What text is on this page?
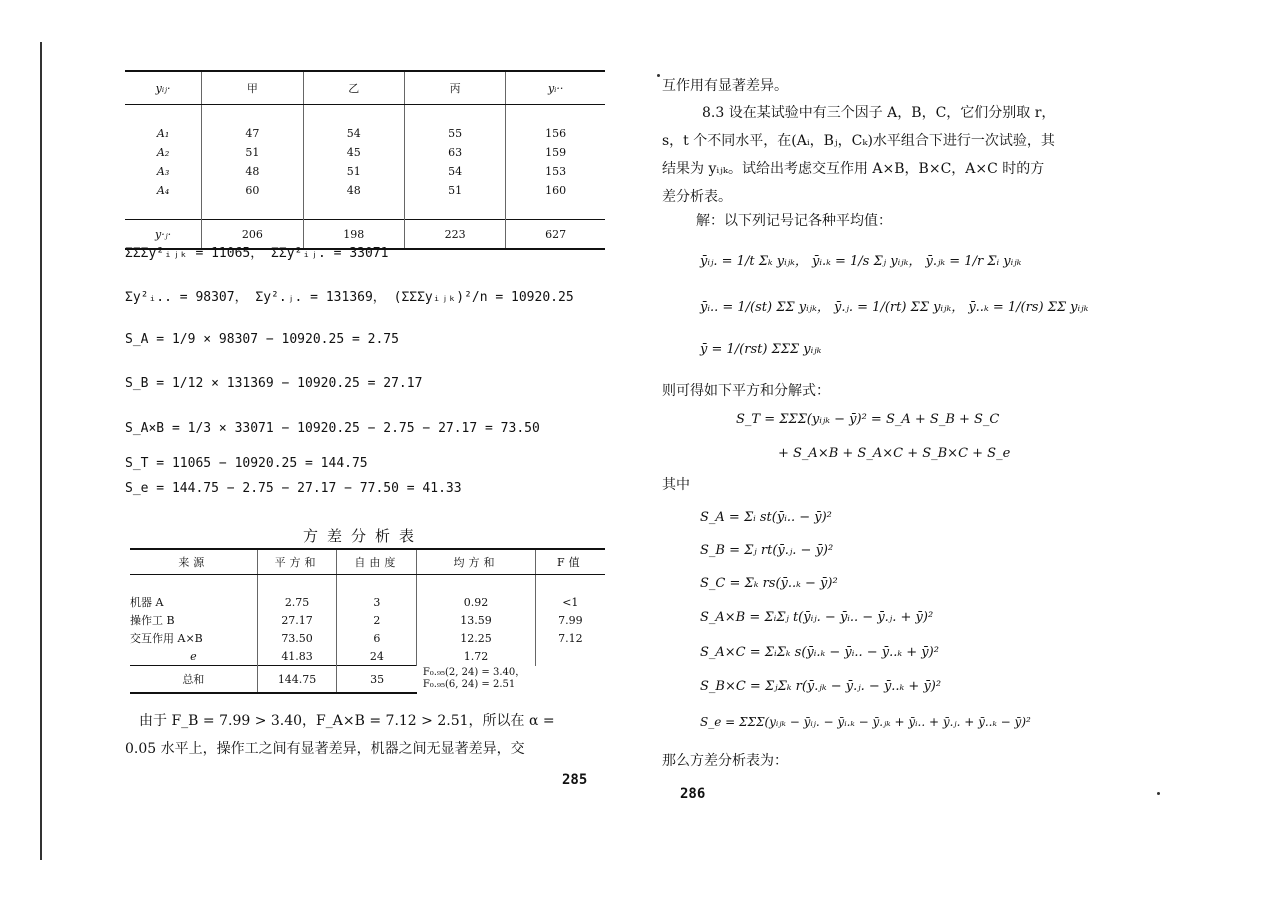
yᵢⱼ·	甲	乙	丙	yᵢ··

A₁	47	54	55	156
A₂	51	45	63	159
A₃	48	51	54	153
A₄	60	48	51	160

y·ⱼ·	206	198	223	627
ΣΣΣy²ᵢⱼₖ = 11065， ΣΣy²ᵢⱼ. = 33071
Σy²ᵢ.. = 98307， Σy².ⱼ. = 131369， (ΣΣΣyᵢⱼₖ)²/n = 10920.25
S_A = 1/9 × 98307 − 10920.25 = 2.75
S_B = 1/12 × 131369 − 10920.25 = 27.17
S_A×B = 1/3 × 33071 − 10920.25 − 2.75 − 27.17 = 73.50
S_T = 11065 − 10920.25 = 144.75
S_e = 144.75 − 2.75 − 27.17 − 77.50 = 41.33
方差分析表
来源	平方和	自由度	均方和	F值

机器 A	2.75	3	0.92	<1
操作工 B	27.17	2	13.59	7.99
交互作用 A×B	73.50	6	12.25	7.12
e	41.83	24	1.72	
总和	144.75	35	F₀.₉₅(2, 24) = 3.40，
F₀.₉₅(6, 24) = 2.51	
由于 F_B = 7.99 > 3.40，F_A×B = 7.12 > 2.51，所以在 α =
0.05 水平上，操作工之间有显著差异，机器之间无显著差异，交
285
互作用有显著差异。
8.3 设在某试验中有三个因子 A，B，C，它们分别取 r，
s，t 个不同水平，在(Aᵢ，Bⱼ，Cₖ)水平组合下进行一次试验，其
结果为 yᵢⱼₖ。试给出考虑交互作用 A×B，B×C，A×C 时的方
差分析表。
解：以下列记号记各种平均值：
ȳᵢⱼ. = 1/t Σₖ yᵢⱼₖ， ȳᵢ.ₖ = 1/s Σⱼ yᵢⱼₖ， ȳ.ⱼₖ = 1/r Σᵢ yᵢⱼₖ
ȳᵢ.. = 1/(st) ΣΣ yᵢⱼₖ， ȳ.ⱼ. = 1/(rt) ΣΣ yᵢⱼₖ， ȳ..ₖ = 1/(rs) ΣΣ yᵢⱼₖ
ȳ = 1/(rst) ΣΣΣ yᵢⱼₖ
则可得如下平方和分解式：
S_T = ΣΣΣ(yᵢⱼₖ − ȳ)² = S_A + S_B + S_C
+ S_A×B + S_A×C + S_B×C + S_e
其中
S_A = Σᵢ st(ȳᵢ.. − ȳ)²
S_B = Σⱼ rt(ȳ.ⱼ. − ȳ)²
S_C = Σₖ rs(ȳ..ₖ − ȳ)²
S_A×B = ΣᵢΣⱼ t(ȳᵢⱼ. − ȳᵢ.. − ȳ.ⱼ. + ȳ)²
S_A×C = ΣᵢΣₖ s(ȳᵢ.ₖ − ȳᵢ.. − ȳ..ₖ + ȳ)²
S_B×C = ΣⱼΣₖ r(ȳ.ⱼₖ − ȳ.ⱼ. − ȳ..ₖ + ȳ)²
S_e = ΣΣΣ(yᵢⱼₖ − ȳᵢⱼ. − ȳᵢ.ₖ − ȳ.ⱼₖ + ȳᵢ.. + ȳ.ⱼ. + ȳ..ₖ − ȳ)²
那么方差分析表为：
286
